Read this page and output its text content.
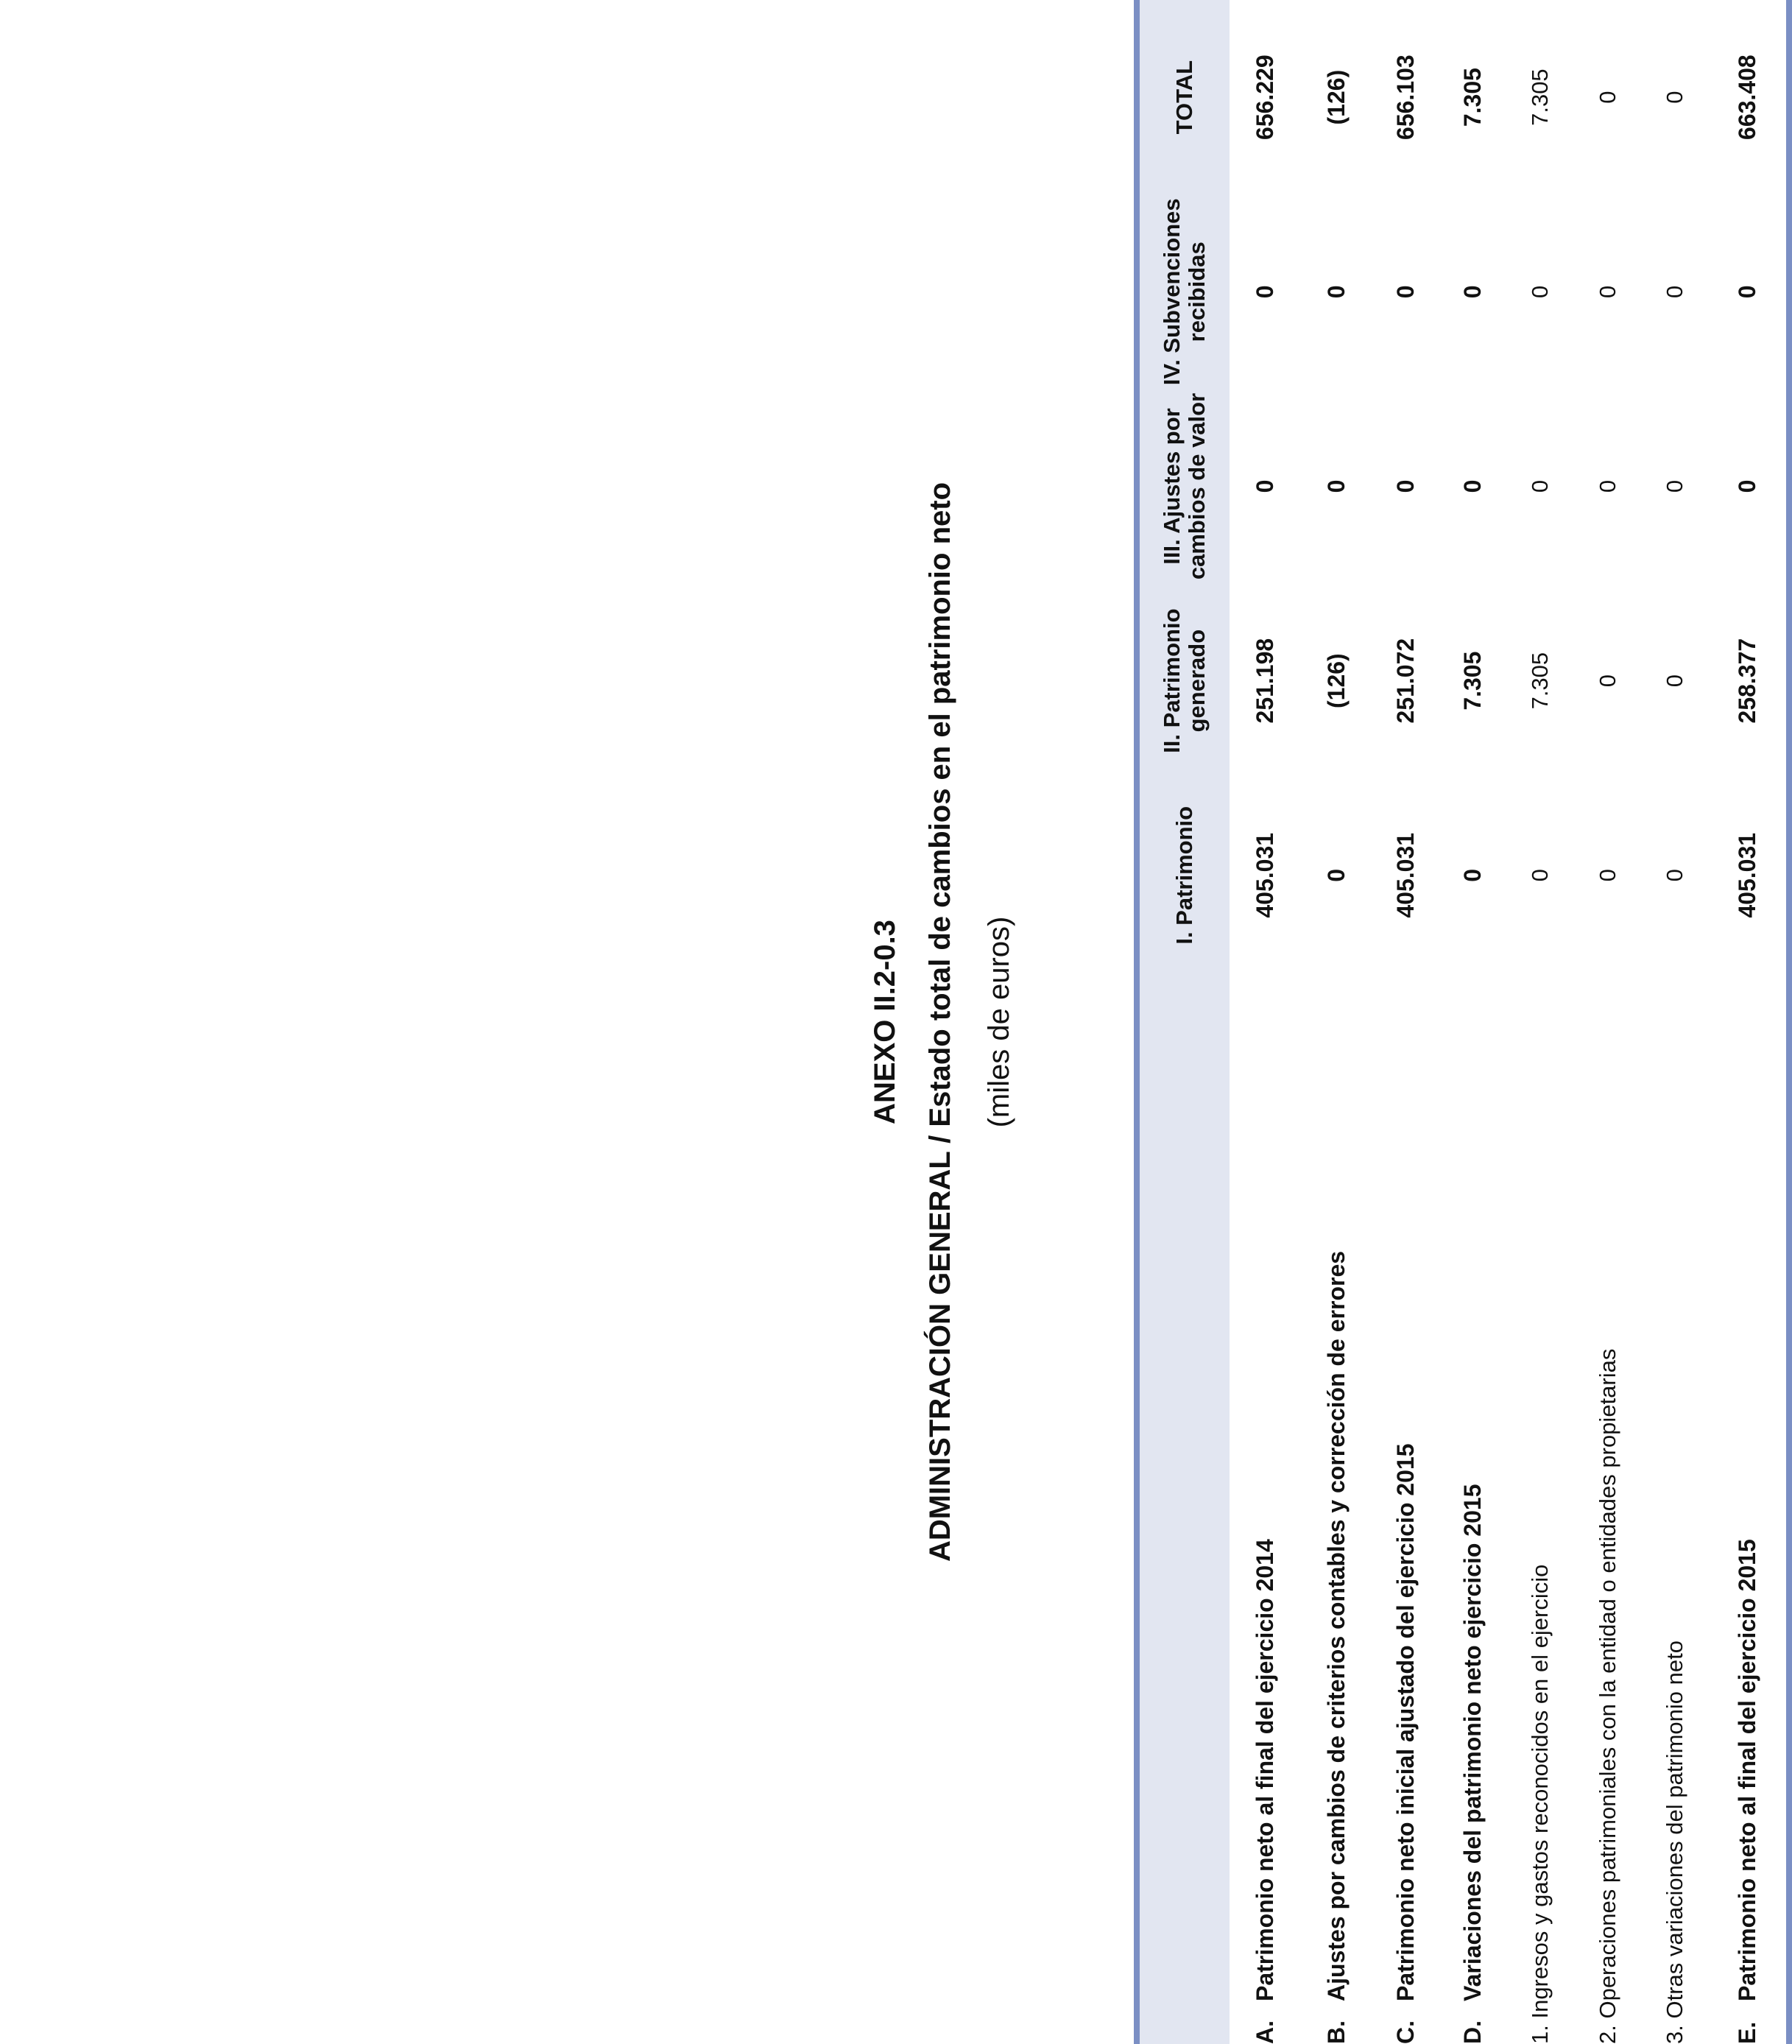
ANEXO II.2-0.3 ADMINISTRACIÓN GENERAL / Estado total de cambios en el patrimonio neto (miles de euros)
	I. Patrimonio	II. Patrimonio generado	III. Ajustes por cambios de valor	IV. Subvenciones recibidas	TOTAL
A.Patrimonio neto al final del ejercicio 2014	405.031	251.198	0	0	656.229
B.Ajustes por cambios de criterios contables y corrección de errores	0	(126)	0	0	(126)
C.Patrimonio neto inicial ajustado del ejercicio 2015	405.031	251.072	0	0	656.103
D.Variaciones del patrimonio neto ejercicio 2015	0	7.305	0	0	7.305
1. Ingresos y gastos reconocidos en el ejercicio	0	7.305	0	0	7.305
2. Operaciones patrimoniales con la entidad o entidades propietarias	0	0	0	0	0
3. Otras variaciones del patrimonio neto	0	0	0	0	0
E.Patrimonio neto al final del ejercicio 2015	405.031	258.377	0	0	663.408
